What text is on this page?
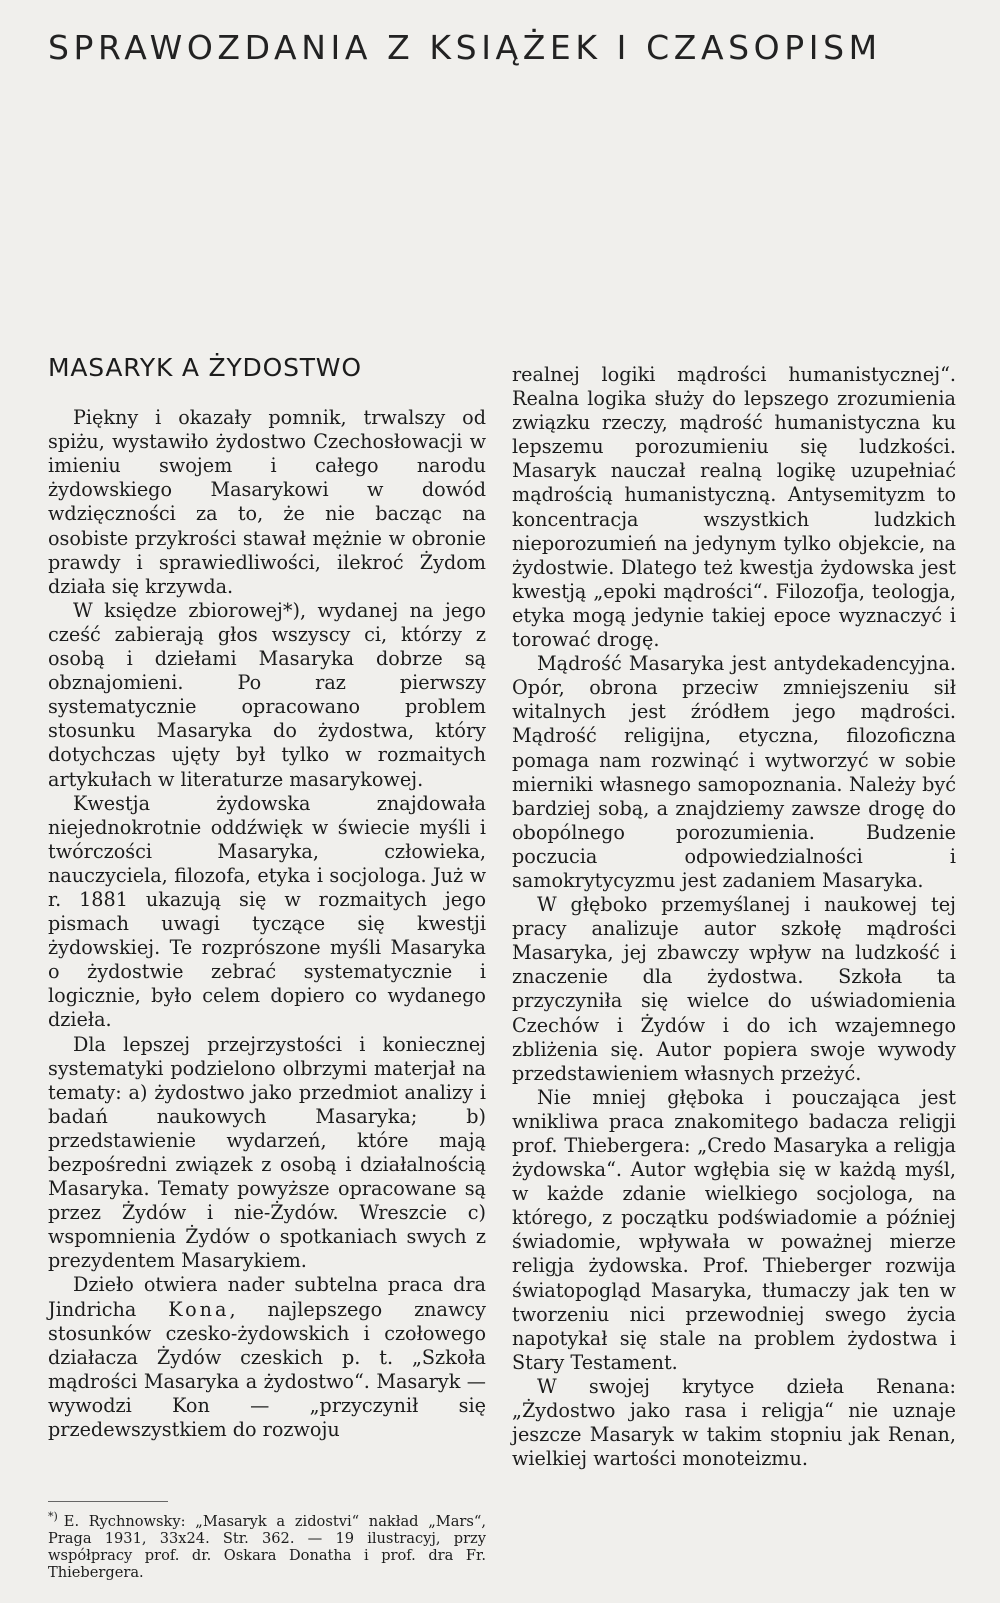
SPRAWOZDANIA Z KSIĄŻEK I CZASOPISM
MASARYK A ŻYDOSTWO

Piękny i okazały pomnik, trwalszy od spiżu, wystawiło żydostwo Czechosłowacji w imieniu swojem i całego narodu żydowskiego Masarykowi w dowód wdzięczności za to, że nie bacząc na osobiste przykrości stawał mężnie w obronie prawdy i sprawiedliwości, ilekroć Żydom działa się krzywda.

W księdze zbiorowej*), wydanej na jego cześć zabierają głos wszyscy ci, którzy z osobą i dziełami Masaryka dobrze są obznajomieni. Po raz pierwszy systematycznie opracowano problem stosunku Masaryka do żydostwa, który dotychczas ujęty był tylko w rozmaitych artykułach w literaturze masarykowej.

Kwestja żydowska znajdowała niejednokrotnie oddźwięk w świecie myśli i twórczości Masaryka, człowieka, nauczyciela, filozofa, etyka i socjologa. Już w r. 1881 ukazują się w rozmaitych jego pismach uwagi tyczące się kwestji żydowskiej. Te rozprószone myśli Masaryka o żydostwie zebrać systematycznie i logicznie, było celem dopiero co wydanego dzieła.

Dla lepszej przejrzystości i koniecznej systematyki podzielono olbrzymi materjał na tematy: a) żydostwo jako przedmiot analizy i badań naukowych Masaryka; b) przedstawienie wydarzeń, które mają bezpośredni związek z osobą i działalnością Masaryka. Tematy powyższe opracowane są przez Żydów i nie-Żydów. Wreszcie c) wspomnienia Żydów o spotkaniach swych z prezydentem Masarykiem.

Dzieło otwiera nader subtelna praca dra Jindricha Kona, najlepszego znawcy stosunków czesko-żydowskich i czołowego działacza Żydów czeskich p. t. „Szkoła mądrości Masaryka a żydostwo“. Masaryk — wywodzi Kon — „przyczynił się przedewszystkiem do rozwoju

realnej logiki mądrości humanistycznej“. Realna logika służy do lepszego zrozumienia związku rzeczy, mądrość humanistyczna ku lepszemu porozumieniu się ludzkości. Masaryk nauczał realną logikę uzupełniać mądrością humanistyczną. Antysemityzm to koncentracja wszystkich ludzkich nieporozumień na jedynym tylko objekcie, na żydostwie. Dlatego też kwestja żydowska jest kwestją „epoki mądrości“. Filozofja, teologja, etyka mogą jedynie takiej epoce wyznaczyć i torować drogę.

Mądrość Masaryka jest antydekadencyjna. Opór, obrona przeciw zmniejszeniu sił witalnych jest źródłem jego mądrości. Mądrość religijna, etyczna, filozoficzna pomaga nam rozwinąć i wytworzyć w sobie mierniki własnego samopoznania. Należy być bardziej sobą, a znajdziemy zawsze drogę do obopólnego porozumienia. Budzenie poczucia odpowiedzialności i samokrytycyzmu jest zadaniem Masaryka.

W głęboko przemyślanej i naukowej tej pracy analizuje autor szkołę mądrości Masaryka, jej zbawczy wpływ na ludzkość i znaczenie dla żydostwa. Szkoła ta przyczyniła się wielce do uświadomienia Czechów i Żydów i do ich wzajemnego zbliżenia się. Autor popiera swoje wywody przedstawieniem własnych przeżyć.

Nie mniej głęboka i pouczająca jest wnikliwa praca znakomitego badacza religji prof. Thiebergera: „Credo Masaryka a religja żydowska“. Autor wgłębia się w każdą myśl, w każde zdanie wielkiego socjologa, na którego, z początku podświadomie a później świadomie, wpływała w poważnej mierze religja żydowska. Prof. Thieberger rozwija światopogląd Masaryka, tłumaczy jak ten w tworzeniu nici przewodniej swego życia napotykał się stale na problem żydostwa i Stary Testament.

W swojej krytyce dzieła Renana: „Żydostwo jako rasa i religja“ nie uznaje jeszcze Masaryk w takim stopniu jak Renan, wielkiej wartości monoteizmu.

*) E. Rychnowsky: „Masaryk a zidostvi“ nakład „Mars“, Praga 1931, 33x24. Str. 362. — 19 ilustracyj, przy współpracy prof. dr. Oskara Donatha i prof. dra Fr. Thiebergera.
